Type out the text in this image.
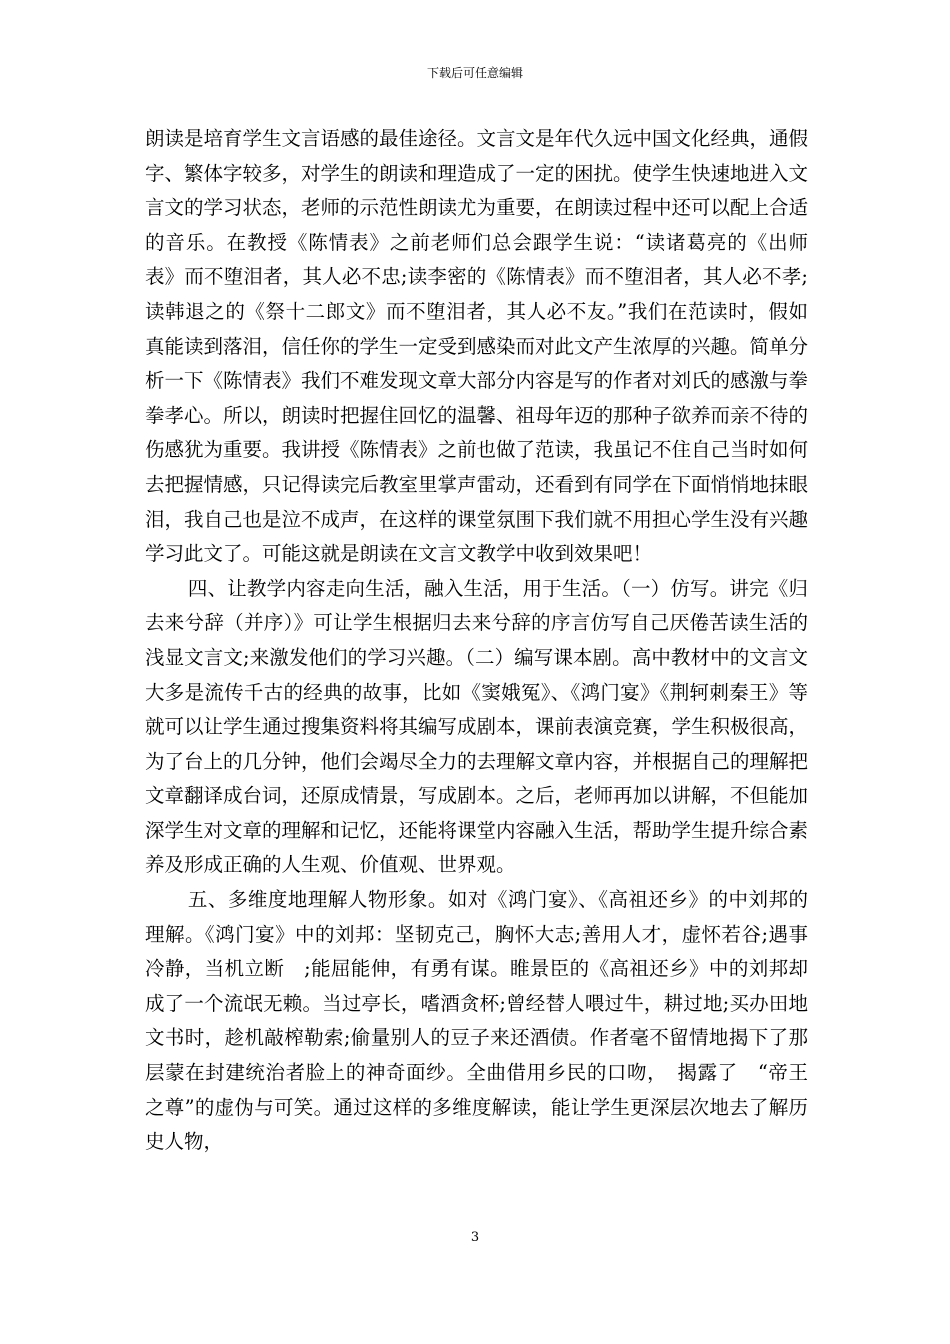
下载后可任意编辑

朗读是培育学生文言语感的最佳途径。文言文是年代久远中国文化经典，通假字、繁体字较多，对学生的朗读和理造成了一定的困扰。使学生快速地进入文言文的学习状态，老师的示范性朗读尤为重要，在朗读过程中还可以配上合适的音乐。在教授《陈情表》之前老师们总会跟学生说：“读诸葛亮的《出师表》而不堕泪者，其人必不忠;读李密的《陈情表》而不堕泪者，其人必不孝;读韩退之的《祭十二郎文》而不堕泪者，其人必不友。”我们在范读时，假如真能读到落泪，信任你的学生一定受到感染而对此文产生浓厚的兴趣。简单分析一下《陈情表》我们不难发现文章大部分内容是写的作者对刘氏的感激与拳拳孝心。所以，朗读时把握住回忆的温馨、祖母年迈的那种子欲养而亲不待的伤感犹为重要。我讲授《陈情表》之前也做了范读，我虽记不住自己当时如何去把握情感，只记得读完后教室里掌声雷动，还看到有同学在下面悄悄地抹眼泪，我自己也是泣不成声，在这样的课堂氛围下我们就不用担心学生没有兴趣学习此文了。可能这就是朗读在文言文教学中收到效果吧！

四、让教学内容走向生活，融入生活，用于生活。（一）仿写。讲完《归去来兮辞（并序）》可让学生根据归去来兮辞的序言仿写自己厌倦苦读生活的浅显文言文;来激发他们的学习兴趣。（二）编写课本剧。高中教材中的文言文大多是流传千古的经典的故事，比如《窦娥冤》、《鸿门宴》《荆轲刺秦王》等就可以让学生通过搜集资料将其编写成剧本，课前表演竞赛，学生积极很高，为了台上的几分钟，他们会竭尽全力的去理解文章内容，并根据自己的理解把文章翻译成台词，还原成情景，写成剧本。之后，老师再加以讲解，不但能加深学生对文章的理解和记忆，还能将课堂内容融入生活，帮助学生提升综合素养及形成正确的人生观、价值观、世界观。

五、多维度地理解人物形象。如对《鸿门宴》、《高祖还乡》的中刘邦的理解。《鸿门宴》中的刘邦：坚韧克己，胸怀大志;善用人才，虚怀若谷;遇事冷静，当机立断　;能屈能伸，有勇有谋。睢景臣的《高祖还乡》中的刘邦却成了一个流氓无赖。当过亭长，嗜酒贪杯;曾经替人喂过牛，耕过地;买办田地文书时，趁机敲榨勒索;偷量别人的豆子来还酒债。作者毫不留情地揭下了那层蒙在封建统治者脸上的神奇面纱。全曲借用乡民的口吻，　揭露了　“帝王之尊”的虚伪与可笑。通过这样的多维度解读，能让学生更深层次地去了解历史人物，

3
